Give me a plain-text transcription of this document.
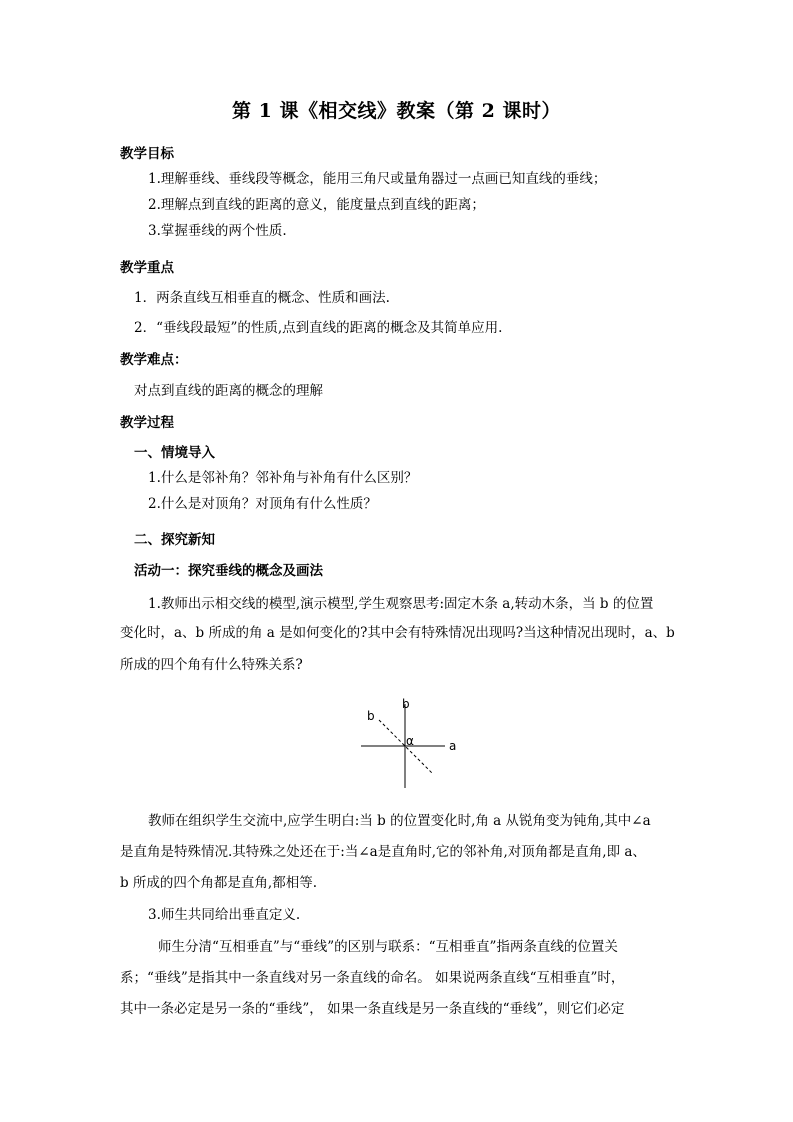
第 1 课《相交线》教案（第 2 课时）
教学目标
1.理解垂线、垂线段等概念，能用三角尺或量角器过一点画已知直线的垂线；
2.理解点到直线的距离的意义，能度量点到直线的距离；
3.掌握垂线的两个性质.
教学重点
1．两条直线互相垂直的概念、性质和画法.
2．“垂线段最短”的性质,点到直线的距离的概念及其简单应用.
教学难点：
对点到直线的距离的概念的理解
教学过程
一、情境导入
1.什么是邻补角？邻补角与补角有什么区别？
2.什么是对顶角？对顶角有什么性质？
二、探究新知
活动一：探究垂线的概念及画法
1.教师出示相交线的模型,演示模型,学生观察思考:固定木条 a,转动木条，当 b 的位置
变化时，a、b 所成的角 a 是如何变化的?其中会有特殊情况出现吗?当这种情况出现时，a、b
所成的四个角有什么特殊关系?
b
b
α	a
教师在组织学生交流中,应学生明白:当 b 的位置变化时,角 a 从锐角变为钝角,其中∠a
是直角是特殊情况.其特殊之处还在于:当∠a是直角时,它的邻补角,对顶角都是直角,即 a、
b 所成的四个角都是直角,都相等.
3.师生共同给出垂直定义.
师生分清“互相垂直”与“垂线”的区别与联系：“互相垂直”指两条直线的位置关
系；“垂线”是指其中一条直线对另一条直线的命名。 如果说两条直线“互相垂直”时，
其中一条必定是另一条的“垂线”， 如果一条直线是另一条直线的“垂线”，则它们必定
